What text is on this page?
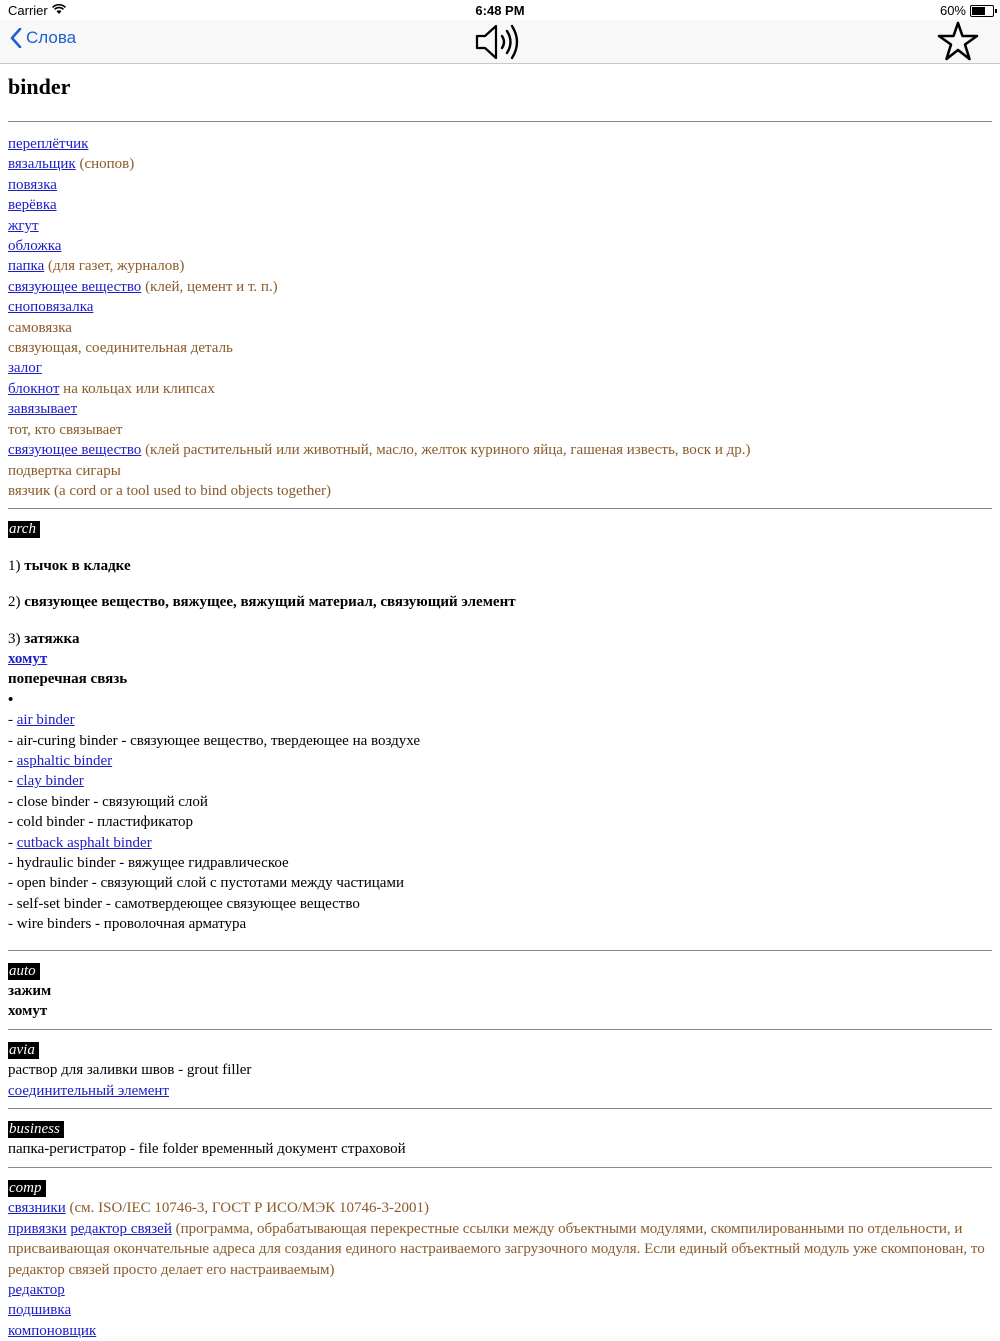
Carrier	6:48 PM	60%
Слова
binder
переплётчик
вязальщик (снопов)
повязка
верёвка
жгут
обложка
папка (для газет, журналов)
связующее вещество (клей, цемент и т. п.)
сноповязалка
самовязка
связующая, соединительная деталь
залог
блокнот на кольцах или клипсах
завязывает
тот, кто связывает
связующее вещество (клей растительный или животный, масло, желток куриного яйца, гашеная известь, воск и др.)
подвертка сигары
вязчик (a cord or a tool used to bind objects together)
arch
1) тычок в кладке
2) связующее вещество, вяжущее, вяжущий материал, связующий элемент
3) затяжка
хомут
поперечная связь
•
- air binder
- air-curing binder - связующее вещество, твердеющее на воздухе
- asphaltic binder
- clay binder
- close binder - связующий слой
- cold binder - пластификатор
- cutback asphalt binder
- hydraulic binder - вяжущее гидравлическое
- open binder - связующий слой с пустотами между частицами
- self-set binder - самотвердеющее связующее вещество
- wire binders - проволочная арматура
auto
зажим
хомут
avia
раствор для заливки швов - grout filler
соединительный элемент
business
папка-регистратор - file folder временный документ страховой
comp
связники (см. ISO/IEC 10746-3, ГОСТ Р ИСО/МЭК 10746-3-2001)
привязки редактор связей (программа, обрабатывающая перекрестные ссылки между объектными модулями, скомпилированными по отдельности, и присваивающая окончательные адреса для создания единого настраиваемого загрузочного модуля. Если единый объектный модуль уже скомпонован, то редактор связей просто делает его настраиваемым)
редактор
подшивка
компоновщик
